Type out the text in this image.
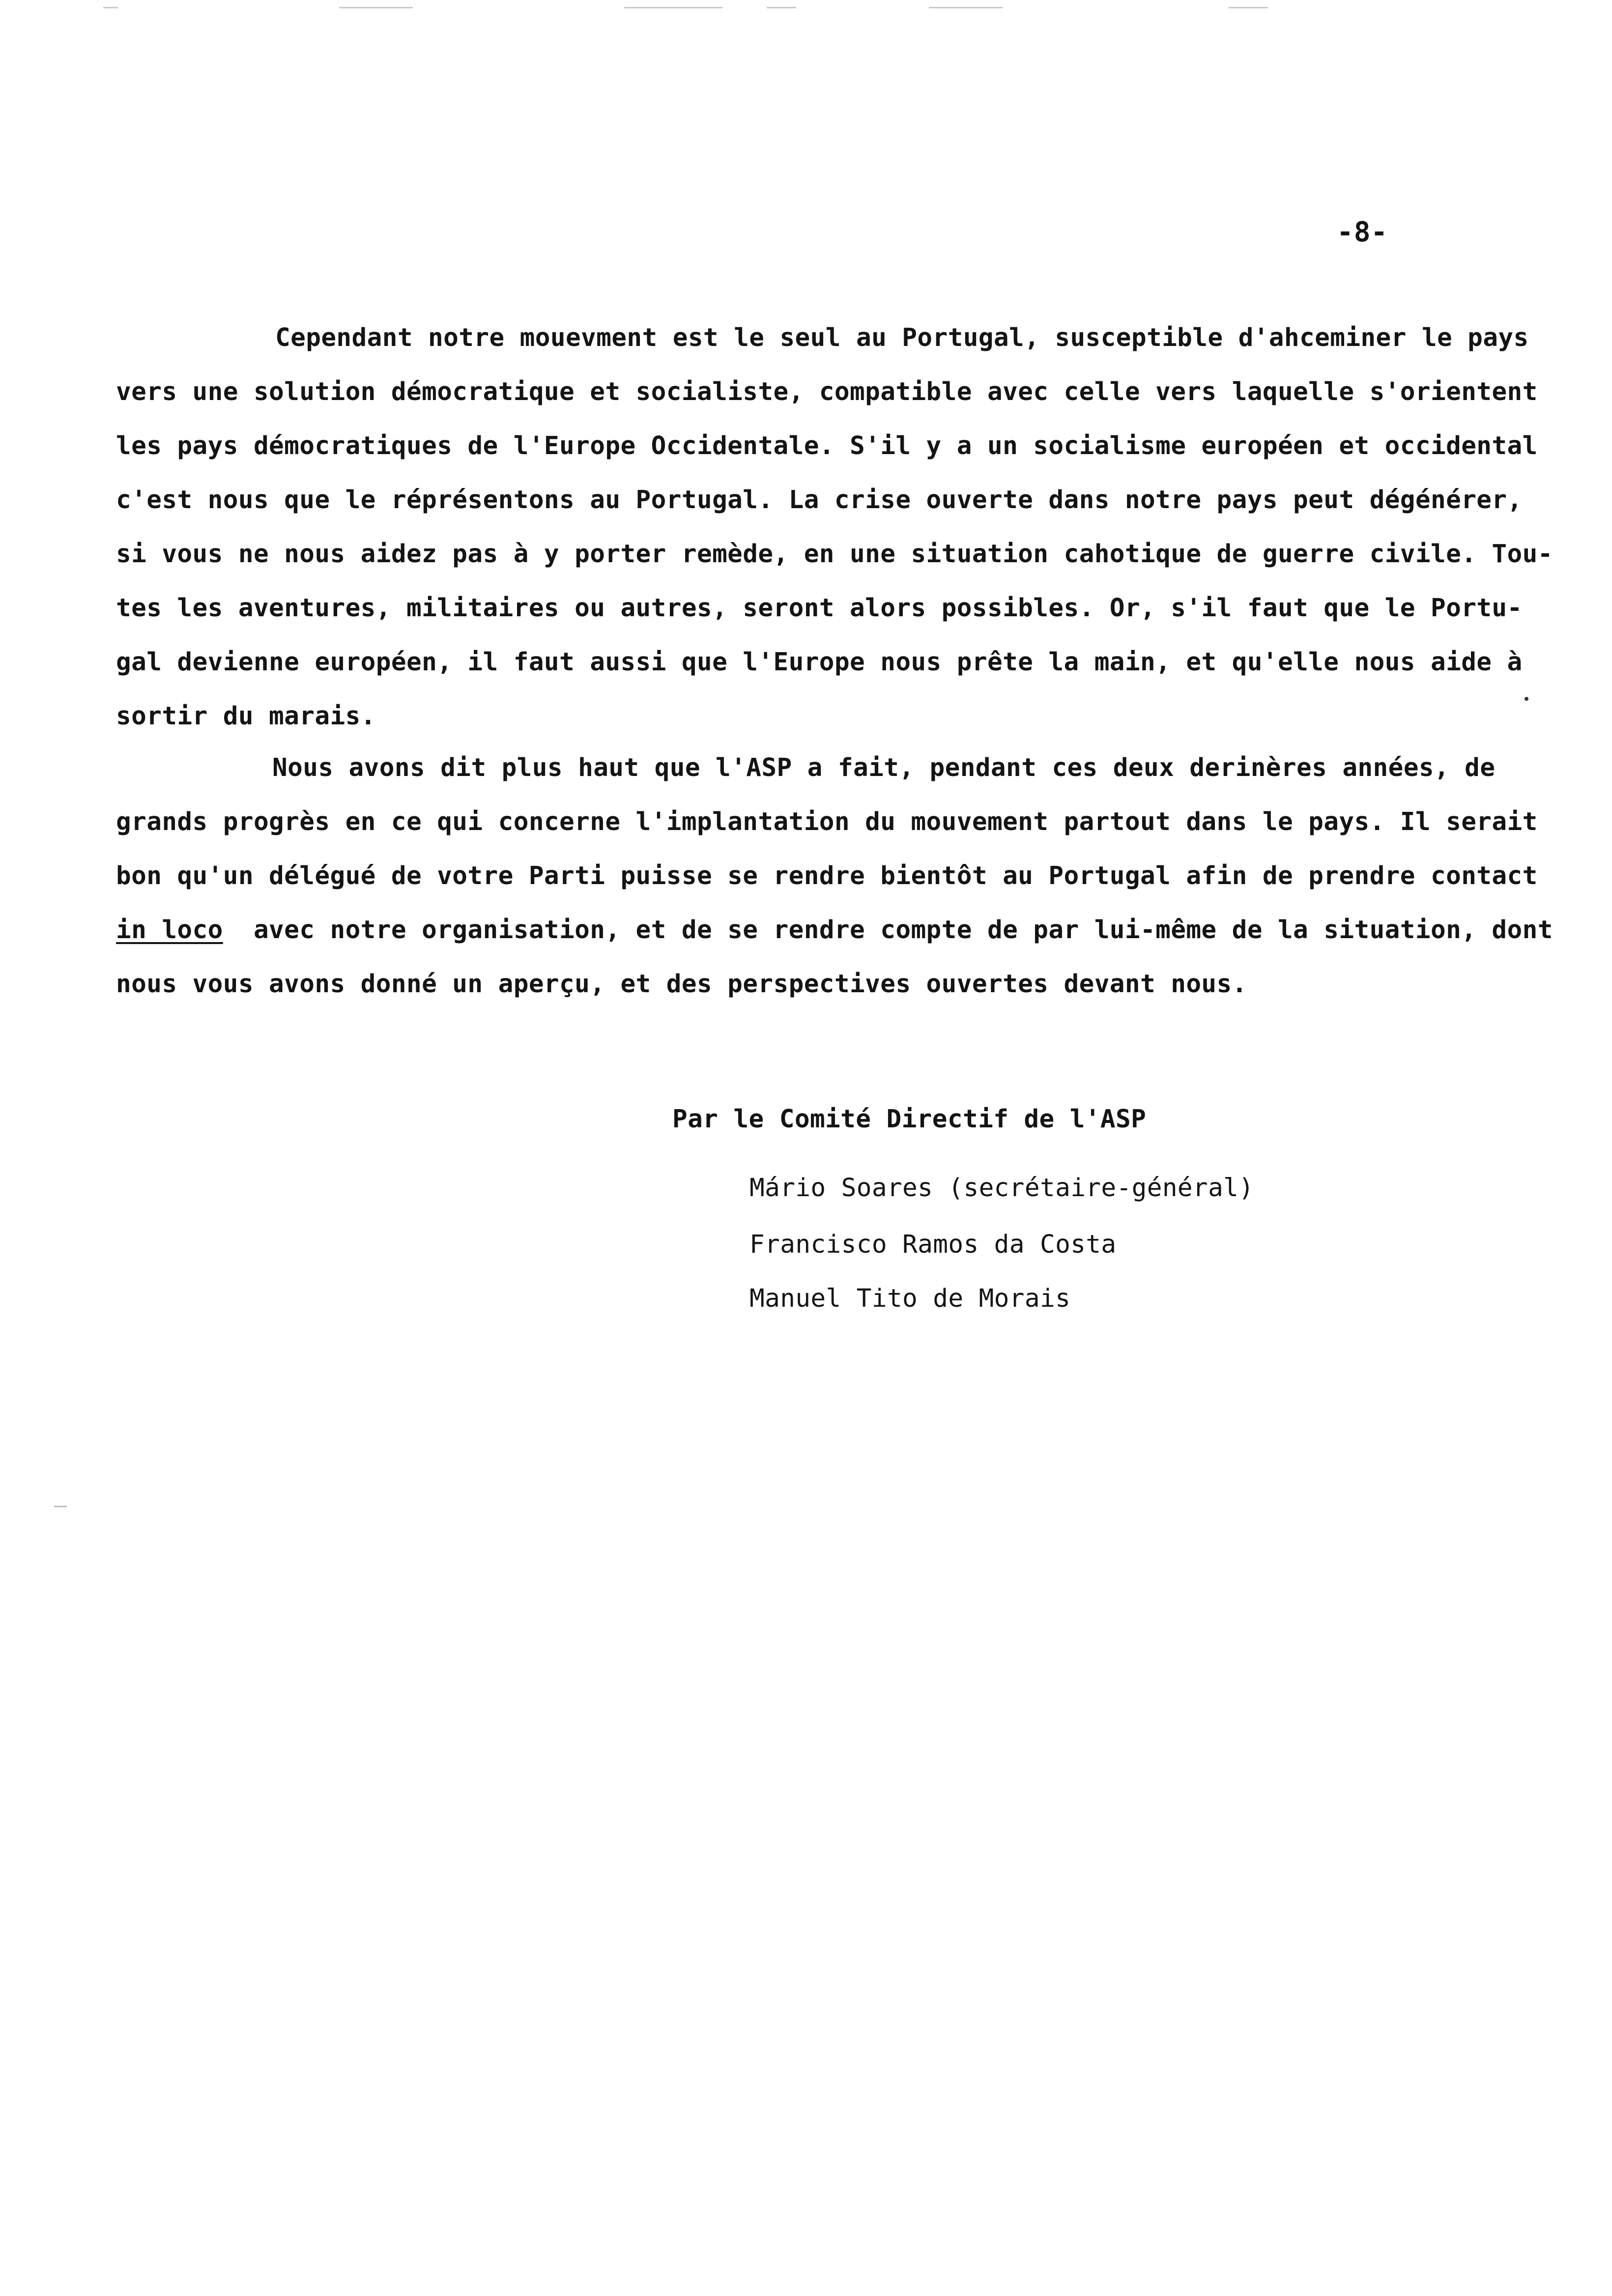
-8-
Cependant notre mouevment est le seul au Portugal, susceptible d'ahceminer le pays
vers une solution démocratique et socialiste, compatible avec celle vers laquelle s'orientent
les pays démocratiques de l'Europe Occidentale. S'il y a un socialisme européen et occidental
c'est nous que le réprésentons au Portugal. La crise ouverte dans notre pays peut dégénérer,
si vous ne nous aidez pas à y porter remède, en une situation cahotique de guerre civile. Tou-
tes les aventures, militaires ou autres, seront alors possibles. Or, s'il faut que le Portu-
gal devienne européen, il faut aussi que l'Europe nous prête la main, et qu'elle nous aide à
sortir du marais.
Nous avons dit plus haut que l'ASP a fait, pendant ces deux derinères années, de
grands progrès en ce qui concerne l'implantation du mouvement partout dans le pays. Il serait
bon qu'un délégué de votre Parti puisse se rendre bientôt au Portugal afin de prendre contact
in loco  avec notre organisation, et de se rendre compte de par lui-même de la situation, dont
nous vous avons donné un aperçu, et des perspectives ouvertes devant nous.
Par le Comité Directif de l'ASP
Mário Soares (secrétaire-général)
Francisco Ramos da Costa
Manuel Tito de Morais
